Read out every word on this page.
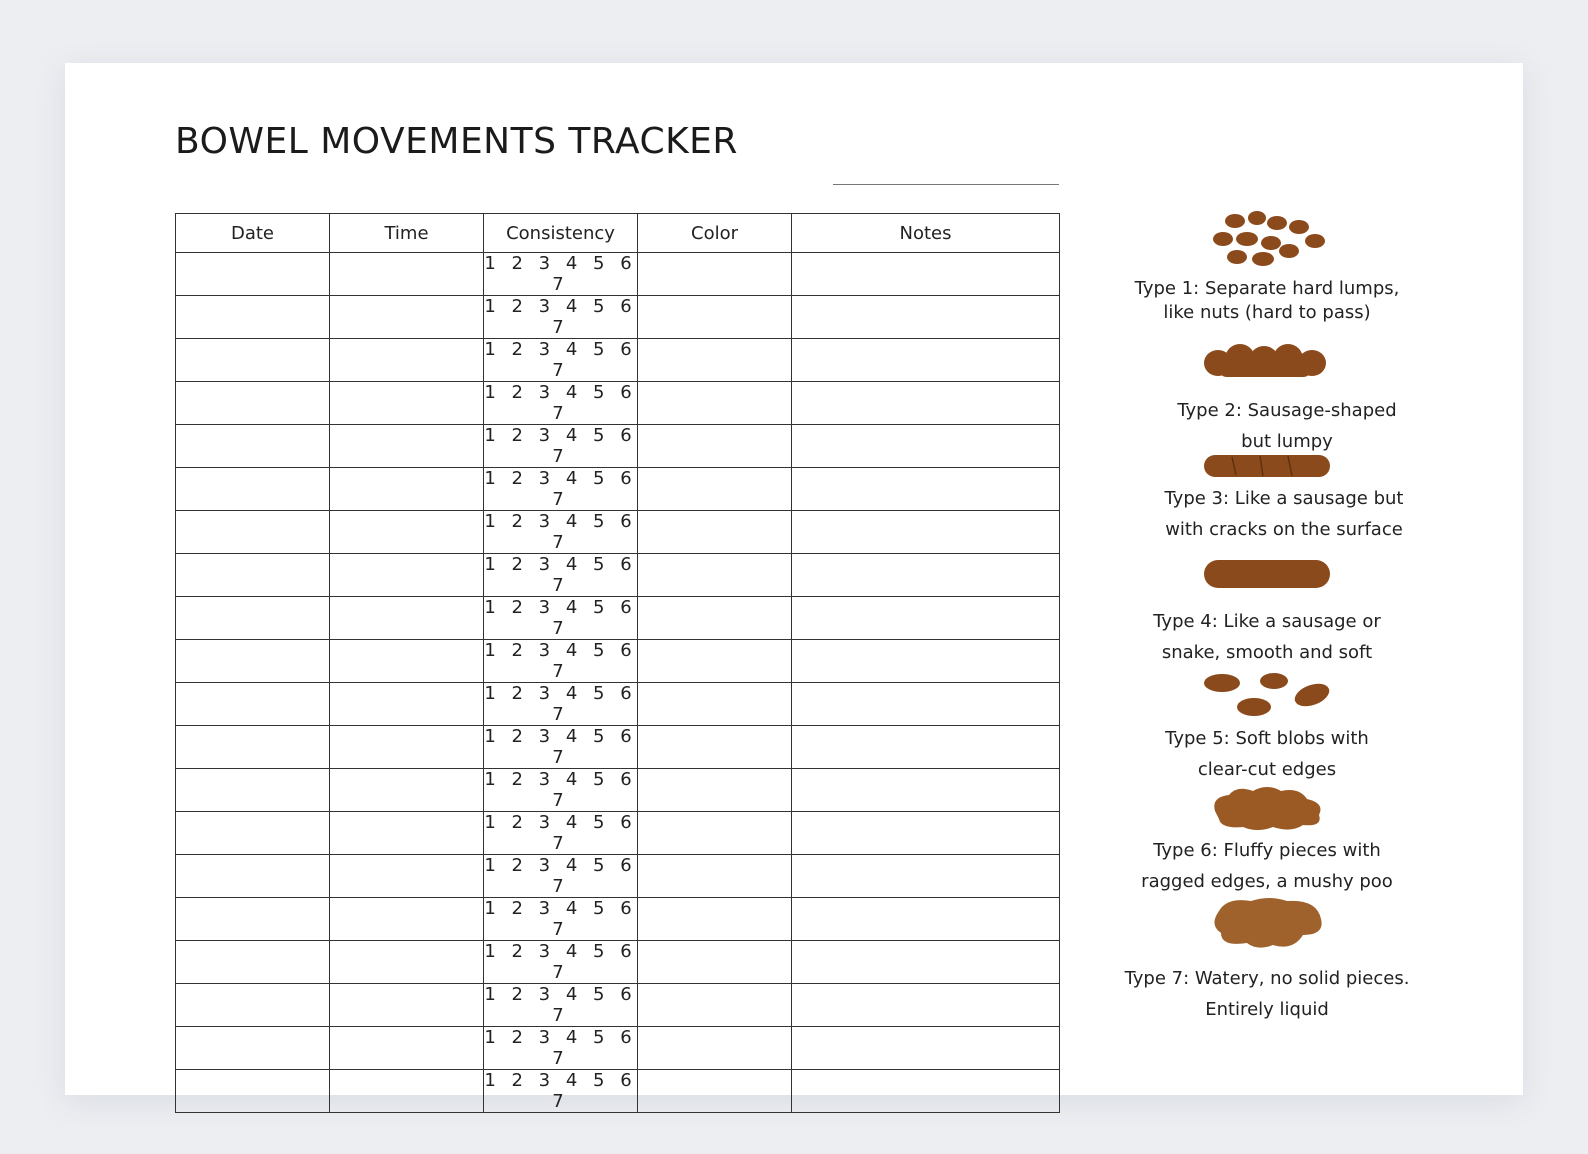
BOWEL MOVEMENTS TRACKER
Date	Time	Consistency	Color	Notes
		1 2 3 4 5 6 7		
		1 2 3 4 5 6 7		
		1 2 3 4 5 6 7		
		1 2 3 4 5 6 7		
		1 2 3 4 5 6 7		
		1 2 3 4 5 6 7		
		1 2 3 4 5 6 7		
		1 2 3 4 5 6 7		
		1 2 3 4 5 6 7		
		1 2 3 4 5 6 7		
		1 2 3 4 5 6 7		
		1 2 3 4 5 6 7		
		1 2 3 4 5 6 7		
		1 2 3 4 5 6 7		
		1 2 3 4 5 6 7		
		1 2 3 4 5 6 7		
		1 2 3 4 5 6 7		
		1 2 3 4 5 6 7		
		1 2 3 4 5 6 7		
		1 2 3 4 5 6 7		
Type 1: Separate hard lumps,
like nuts (hard to pass)
Type 2: Sausage-shaped
but lumpy
Type 3: Like a sausage but
with cracks on the surface
Type 4: Like a sausage or
snake, smooth and soft
Type 5: Soft blobs with
clear-cut edges
Type 6: Fluffy pieces with
ragged edges, a mushy poo
Type 7: Watery, no solid pieces.
Entirely liquid
